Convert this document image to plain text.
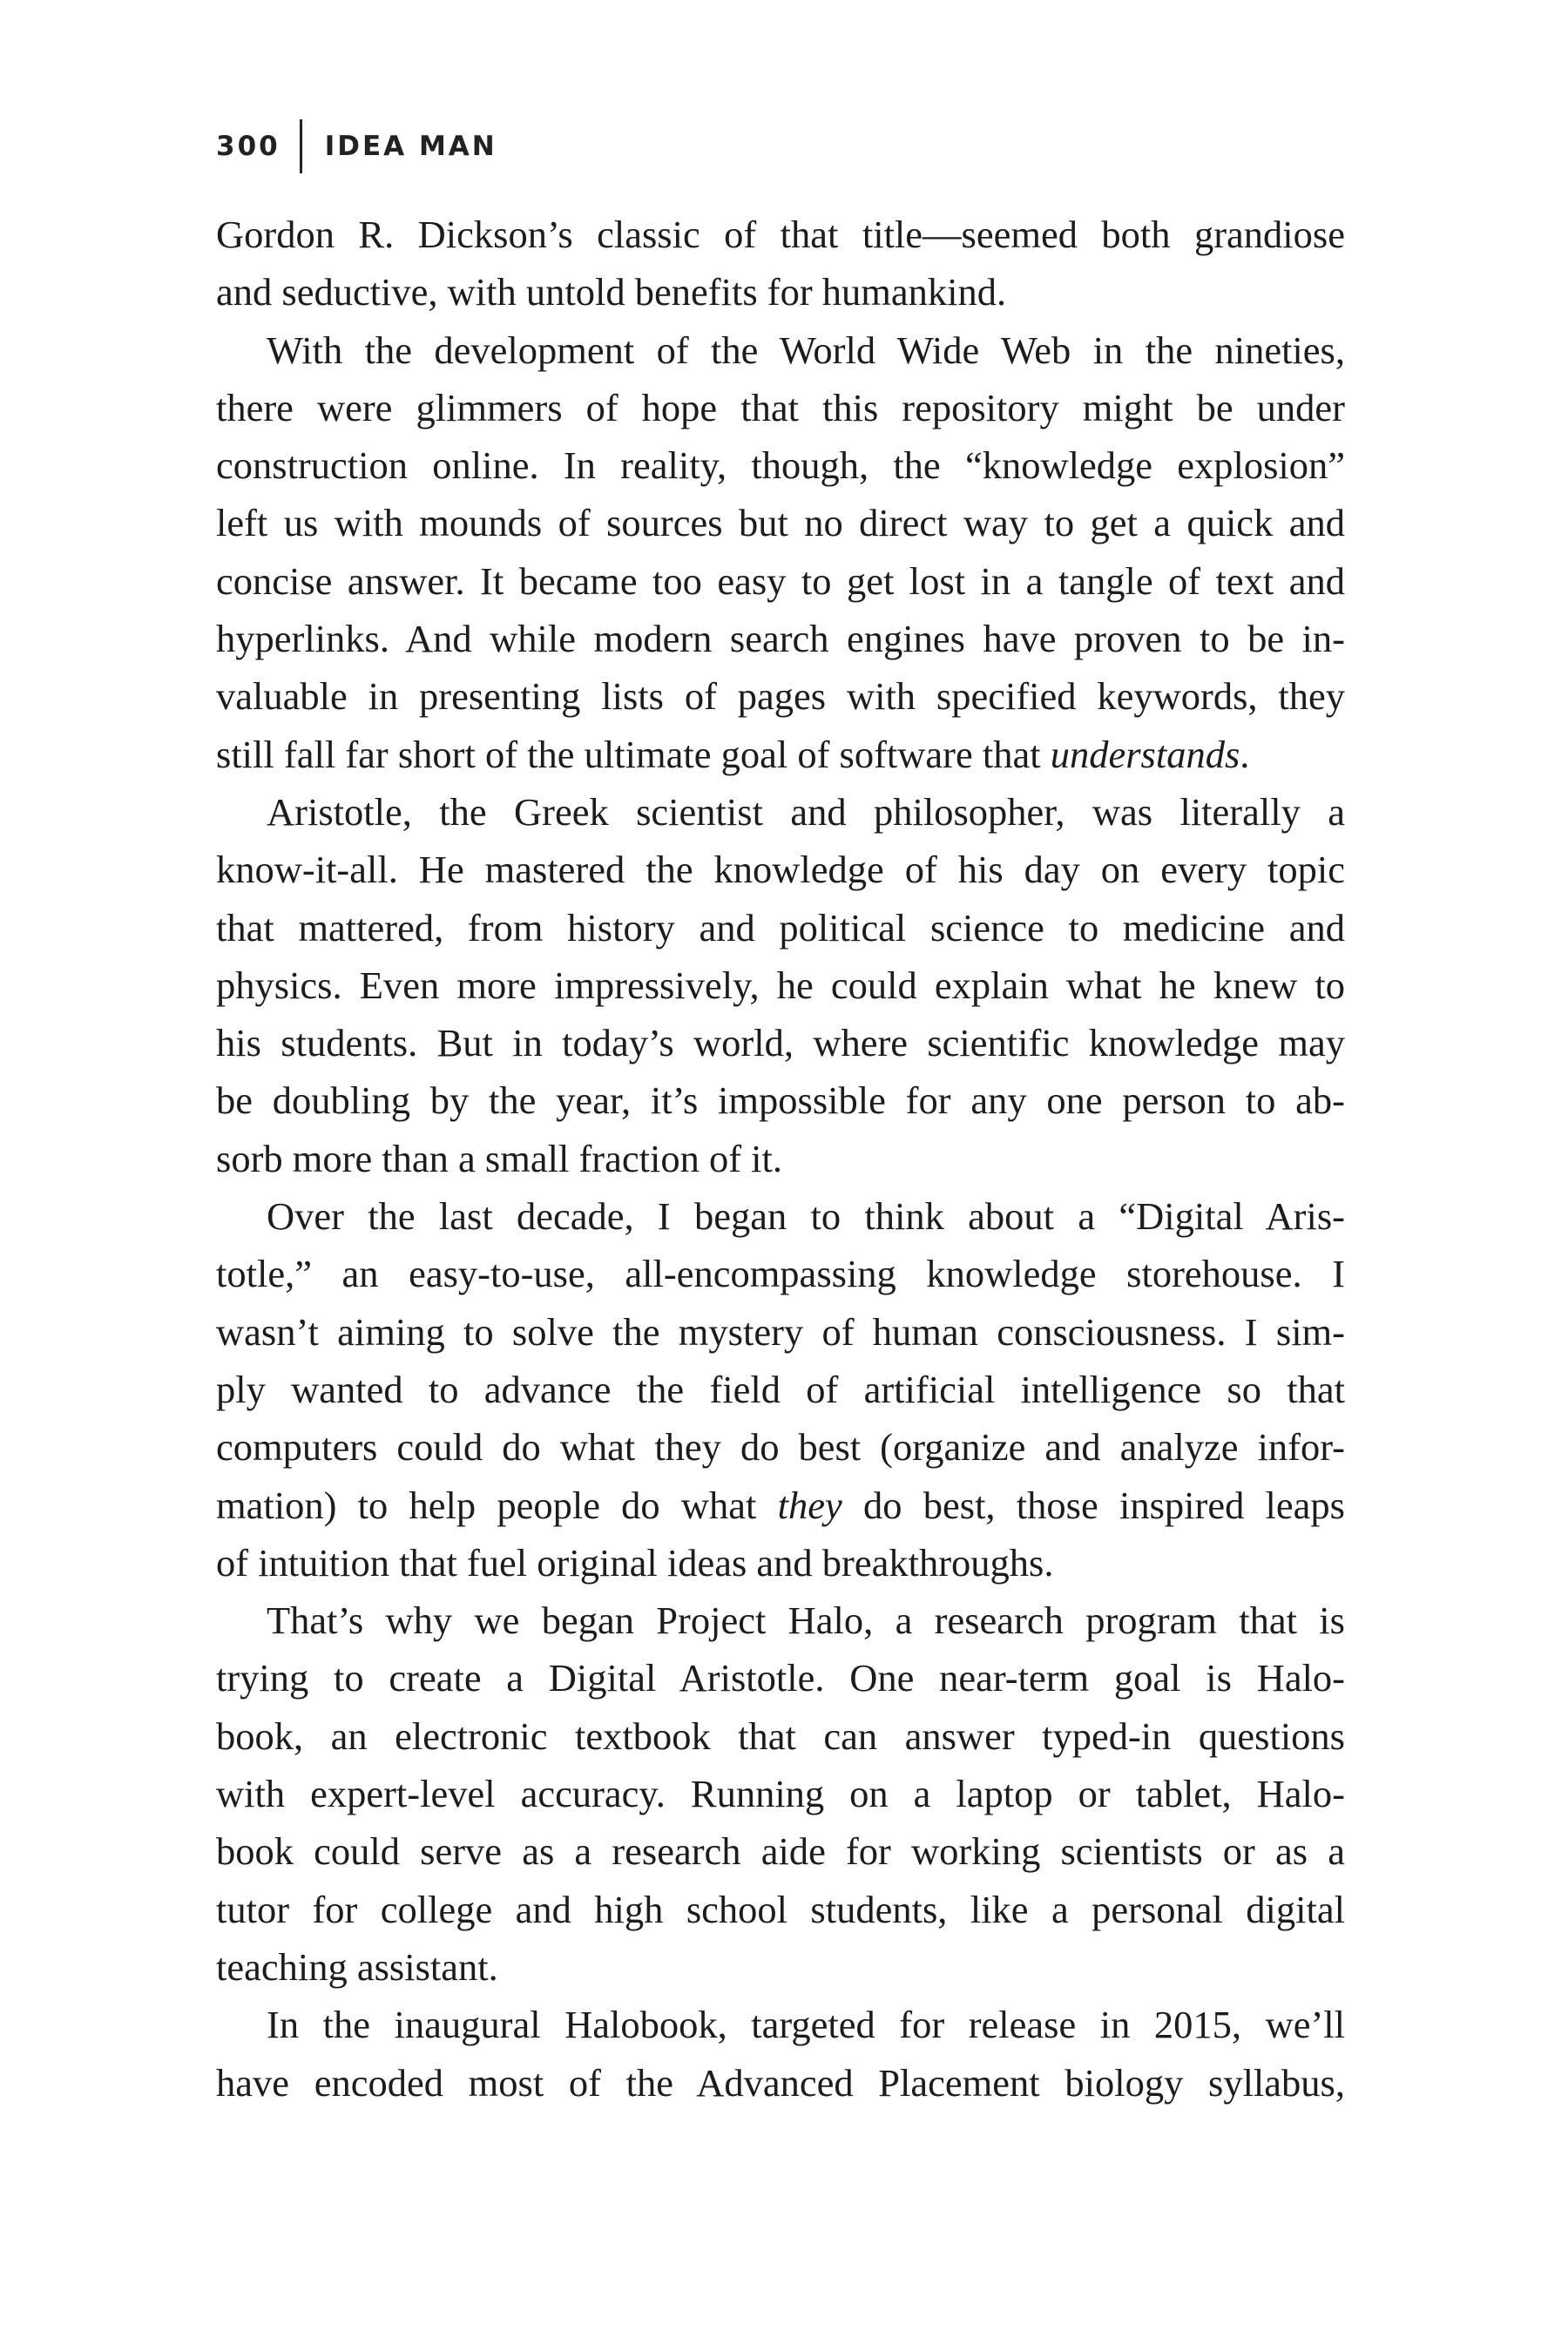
300 IDEA MAN
Gordon R. Dickson’s classic of that title—seemed both grandiose
and seductive, with untold benefits for humankind.
With the development of the World Wide Web in the nineties,
there were glimmers of hope that this repository might be under
construction online. In reality, though, the “knowledge explosion”
left us with mounds of sources but no direct way to get a quick and
concise answer. It became too easy to get lost in a tangle of text and
hyperlinks. And while modern search engines have proven to be in-
valuable in presenting lists of pages with specified keywords, they
still fall far short of the ultimate goal of software that understands.
Aristotle, the Greek scientist and philosopher, was literally a
know-it-all. He mastered the knowledge of his day on every topic
that mattered, from history and political science to medicine and
physics. Even more impressively, he could explain what he knew to
his students. But in today’s world, where scientific knowledge may
be doubling by the year, it’s impossible for any one person to ab-
sorb more than a small fraction of it.
Over the last decade, I began to think about a “Digital Aris-
totle,” an easy-to-use, all-encompassing knowledge storehouse. I
wasn’t aiming to solve the mystery of human consciousness. I sim-
ply wanted to advance the field of artificial intelligence so that
computers could do what they do best (organize and analyze infor-
mation) to help people do what they do best, those inspired leaps
of intuition that fuel original ideas and breakthroughs.
That’s why we began Project Halo, a research program that is
trying to create a Digital Aristotle. One near-term goal is Halo-
book, an electronic textbook that can answer typed-in questions
with expert-level accuracy. Running on a laptop or tablet, Halo-
book could serve as a research aide for working scientists or as a
tutor for college and high school students, like a personal digital
teaching assistant.
In the inaugural Halobook, targeted for release in 2015, we’ll
have encoded most of the Advanced Placement biology syllabus,
